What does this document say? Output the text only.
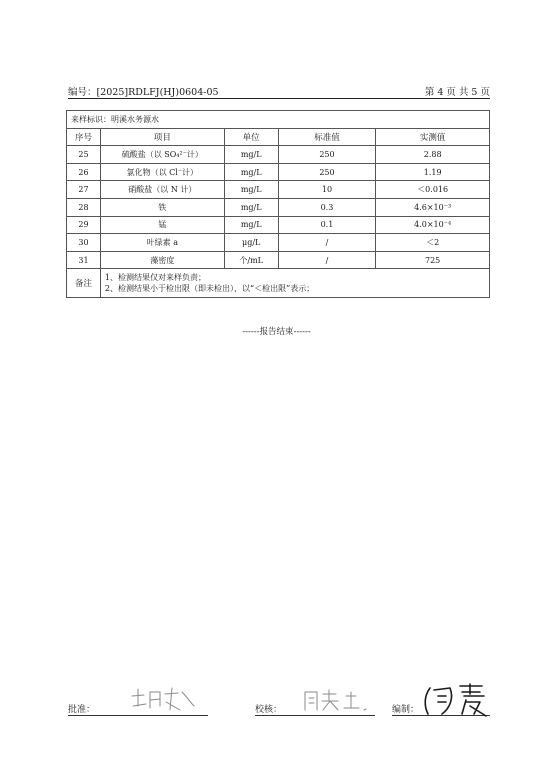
编号：[2025]RDLFJ(HJ)0604-05	第 4 页 共 5 页
来样标识：明溪水务源水				
序号	项目	单位	标准值	实测值
25	硫酸盐（以 SO₄²⁻计）	mg/L	250	2.88
26	氯化物（以 Cl⁻计）	mg/L	250	1.19
27	硝酸盐（以 N 计）	mg/L	10	＜0.016
28	铁	mg/L	0.3	4.6×10⁻³
29	锰	mg/L	0.1	4.0×10⁻⁴
30	叶绿素 a	μg/L	/	＜2
31	藻密度	个/mL	/	725
备注	1、检测结果仅对来样负责；
2、检测结果小于检出限（即未检出），以“＜检出限”表示；			
------报告结束------
批准：	校核：	编制：
